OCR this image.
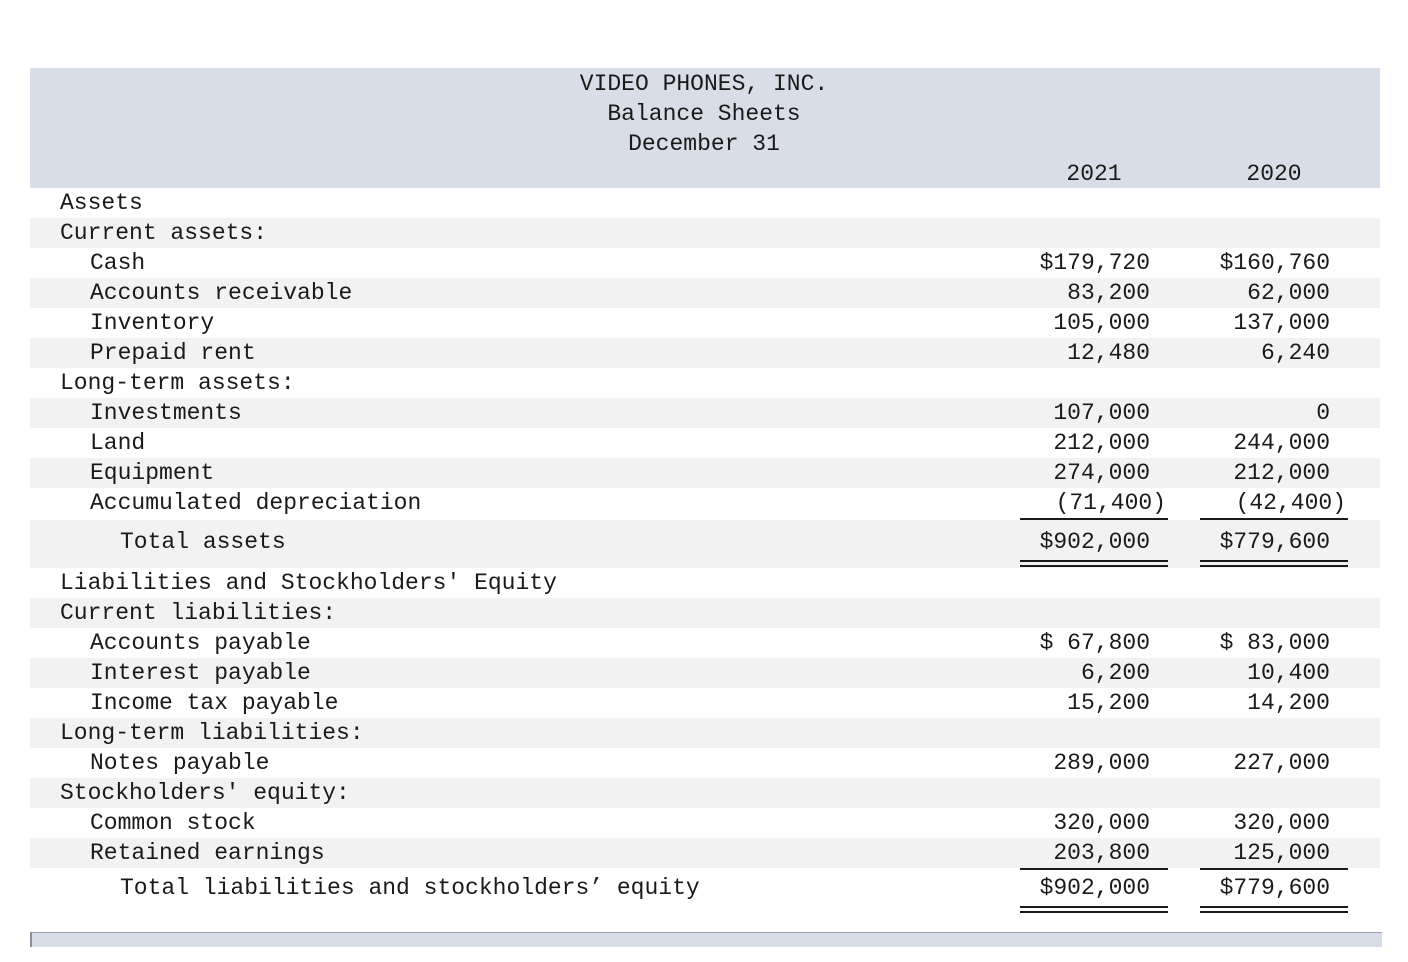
VIDEO PHONES, INC.
Balance Sheets
December 31
2021	2020
Assets
Current assets:
Cash	$179,720	$160,760
Accounts receivable	83,200	62,000
Inventory	105,000	137,000
Prepaid rent	12,480	6,240
Long-term assets:
Investments	107,000	0
Land	212,000	244,000
Equipment	274,000	212,000
Accumulated depreciation	(71,400)	(42,400)
Total assets	$902,000	$779,600
Liabilities and Stockholders' Equity
Current liabilities:
Accounts payable	$ 67,800	$ 83,000
Interest payable	6,200	10,400
Income tax payable	15,200	14,200
Long-term liabilities:
Notes payable	289,000	227,000
Stockholders' equity:
Common stock	320,000	320,000
Retained earnings	203,800	125,000
Total liabilities and stockholders’ equity	$902,000	$779,600
